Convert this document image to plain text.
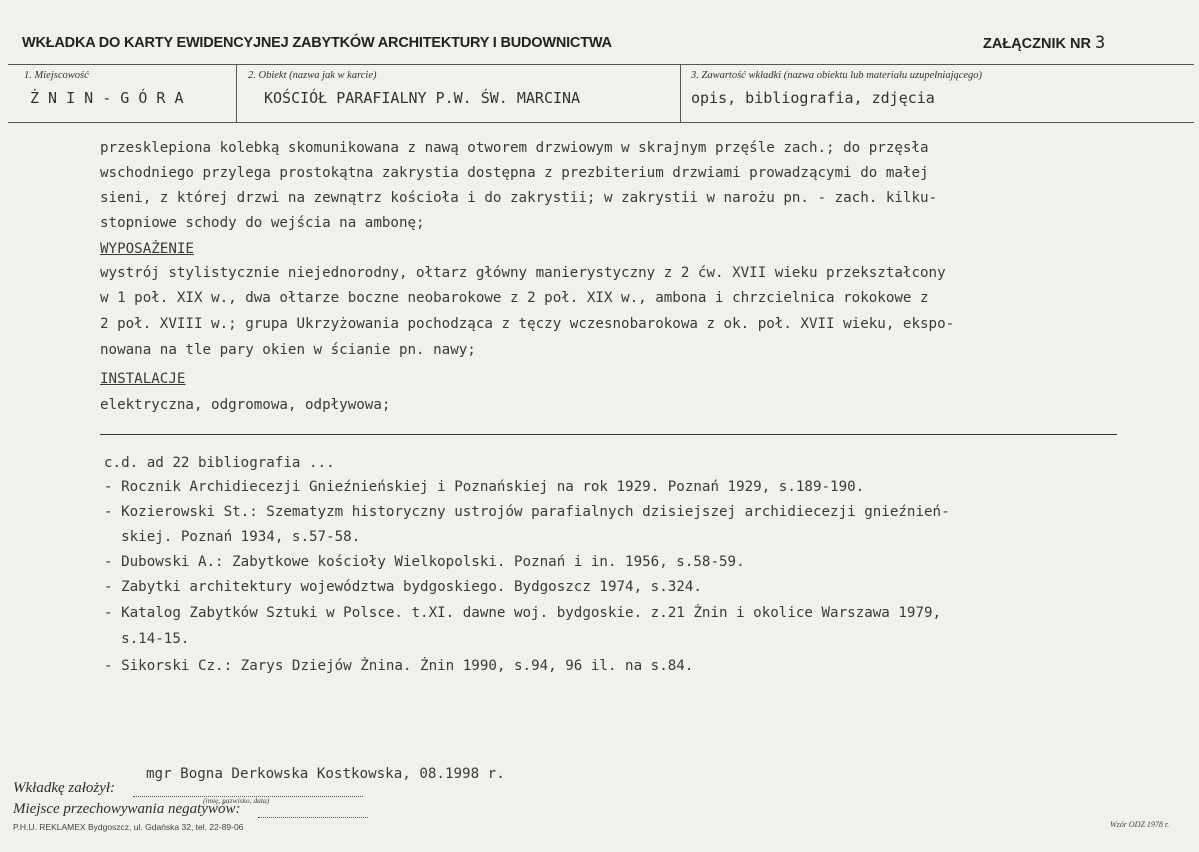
WKŁADKA DO KARTY EWIDENCYJNEJ ZABYTKÓW ARCHITEKTURY I BUDOWNICTWA	ZAŁĄCZNIK NR 3
1. Miejscowość
Ż N I N - G Ó R A
2. Obiekt (nazwa jak w karcie)
KOŚCIÓŁ PARAFIALNY P.W. ŚW. MARCINA
3. Zawartość wkładki (nazwa obiektu lub materiału uzupełniającego)
opis, bibliografia, zdjęcia
przesklepiona kolebką skomunikowana z nawą otworem drzwiowym w skrajnym przęśle zach.; do przęsła
wschodniego przylega prostokątna zakrystia dostępna z prezbiterium drzwiami prowadzącymi do małej
sieni, z której drzwi na zewnątrz kościoła i do zakrystii; w zakrystii w narożu pn. - zach. kilku-
stopniowe schody do wejścia na ambonę;
WYPOSAŻENIE
wystrój stylistycznie niejednorodny, ołtarz główny manierystyczny z 2 ćw. XVII wieku przekształcony
w 1 poł. XIX w., dwa ołtarze boczne neobarokowe z 2 poł. XIX w., ambona i chrzcielnica rokokowe z
2 poł. XVIII w.; grupa Ukrzyżowania pochodząca z tęczy wczesnobarokowa z ok. poł. XVII wieku, ekspo-
nowana na tle pary okien w ścianie pn. nawy;
INSTALACJE
elektryczna, odgromowa, odpływowa;
c.d. ad 22 bibliografia ...
- Rocznik Archidiecezji Gnieźnieńskiej i Poznańskiej na rok 1929. Poznań 1929, s.189-190.
- Kozierowski St.: Szematyzm historyczny ustrojów parafialnych dzisiejszej archidiecezji gnieźnień-
skiej. Poznań 1934, s.57-58.
- Dubowski A.: Zabytkowe kościoły Wielkopolski. Poznań i in. 1956, s.58-59.
- Zabytki architektury województwa bydgoskiego. Bydgoszcz 1974, s.324.
- Katalog Zabytków Sztuki w Polsce. t.XI. dawne woj. bydgoskie. z.21 Żnin i okolice Warszawa 1979,
s.14-15.
- Sikorski Cz.: Zarys Dziejów Żnina. Żnin 1990, s.94, 96 il. na s.84.
mgr Bogna Derkowska Kostkowska, 08.1998 r.
Wkładkę założył:
(imię, nazwisko, data)
Miejsce przechowywania negatywów:
P.H.U. REKLAMEX Bydgoszcz, ul. Gdańska 32, tel. 22-89-06	Wzór ODZ 1978 r.
